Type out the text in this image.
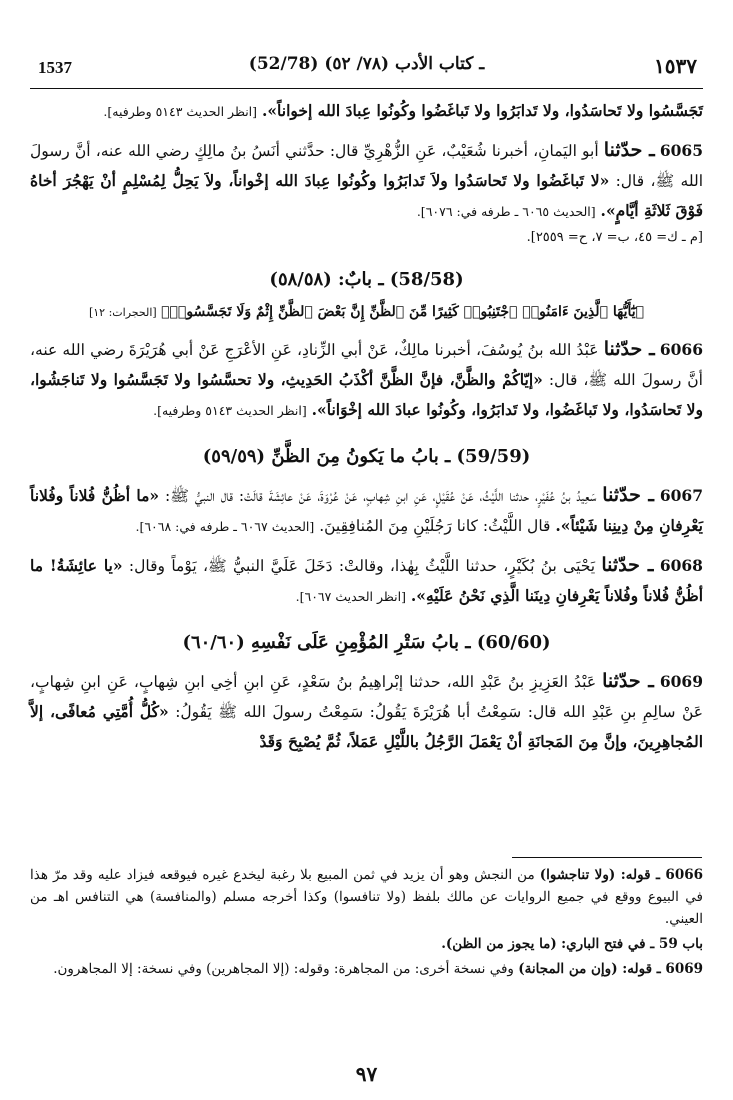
1537	(52/78) ـ كتاب الأدب (٧٨/ ٥٢)	١٥٣٧

تَجَسَّسُوا ولا تَحاسَدُوا، ولا تَدابَرُوا ولا تَباغَضُوا وكُونُوا عِبادَ الله إخواناً». [انظر الحديث ٥١٤٣ وطرفيه].

6065 ـ حدّثنا أبو اليَمانِ، أخبرنا شُعَيْبٌ، عَنِ الزُّهْرِيِّ قال: حدَّثني أنَسُ بنُ مالِكٍ رضي الله عنه، أنَّ رسولَ الله ﷺ، قال: «لا تَباغَضُوا ولا تَحاسَدُوا ولاَ تَدابَرُوا وكُونُوا عِبادَ الله إخْواناً، ولاَ يَحِلُّ لِمُسْلِمٍ أنْ يَهْجُرَ أخاهُ فَوْقَ ثَلاثَةِ أيَّامٍ». [الحديث ٦٠٦٥ ـ طرفه في: ٦٠٧٦].

[م ـ ك= ٤٥، ب= ٧، ح= ٢٥٥٩].

(58/58) ـ بابٌ: (٥٨/٥٨)
﴿يَٰٓأَيُّهَا ٱلَّذِينَ ءَامَنُوا۟ ٱجْتَنِبُوا۟ كَثِيرًا مِّنَ ٱلظَّنِّ إِنَّ بَعْضَ ٱلظَّنِّ إِثْمٌ وَلَا تَجَسَّسُوا۟﴾ [الحجرات: ١٢]

6066 ـ حدّثنا عَبْدُ الله بنُ يُوسُفَ، أخبرنا مالِكٌ، عَنْ أبي الزِّنادِ، عَنِ الأعْرَجِ عَنْ أبي هُرَيْرَةَ رضي الله عنه، أنَّ رسولَ الله ﷺ، قال: «إيّاكُمْ والظَّنَّ، فإنَّ الظَّنَّ أكْذَبُ الحَدِيثِ، ولا تحسَّسُوا ولا تَجَسَّسُوا ولا تَناجَشُوا، ولا تَحاسَدُوا، ولا تَباغَضُوا، ولا تَدابَرُوا، وكُونُوا عبادَ الله إخْوَاناً». [انظر الحديث ٥١٤٣ وطرفيه].

(59/59) ـ بابُ ما يَكونُ مِنَ الظَّنِّ (٥٩/٥٩)

6067 ـ حدّثنا سَعِيدُ بنُ عُفَيْرٍ، حدثنا اللَّيْثُ، عَنْ عُقَيْلٍ، عَنِ ابنِ شِهابٍ، عَنْ عُرْوَةَ، عَنْ عائِشَةَ قالَتْ: قال النبيُّ ﷺ: «ما أظُنُّ فُلاناً وفُلاناً يَعْرِفانِ مِنْ دِينِنا شَيْئاً». قال اللَّيْثُ: كانا رَجُلَيْنِ مِنَ المُنافِقِينَ. [الحديث ٦٠٦٧ ـ طرفه في: ٦٠٦٨].

6068 ـ حدّثنا يَحْيَى بنُ بُكَيْرٍ، حدثنا اللَّيْثُ بِهٰذا، وقالتْ: دَخَلَ عَلَيَّ النبيُّ ﷺ، يَوْماً وقال: «يا عائِشَةُ! ما أظُنُّ فُلاناً وفُلاناً يَعْرِفانِ دِينَنا الَّذِي نَحْنُ عَلَيْهِ». [انظر الحديث ٦٠٦٧].

(60/60) ـ بابُ سَتْرِ المُؤْمِنِ عَلَى نَفْسِهِ (٦٠/٦٠)

6069 ـ حدّثنا عَبْدُ العَزِيزِ بنُ عَبْدِ الله، حدثنا إبْراهِيمُ بنُ سَعْدٍ، عَنِ ابنِ أخِي ابنِ شِهابٍ، عَنِ ابنِ شِهابٍ، عَنْ سالِمِ بنِ عَبْدِ الله قال: سَمِعْتُ أبا هُرَيْرَةَ يَقُولُ: سَمِعْتُ رسولَ الله ﷺ يَقُولُ: «كُلُّ أُمَّتِي مُعافًى، إلاَّ المُجاهِرِينَ، وإنَّ مِنَ المَجانَةِ أنْ يَعْمَلَ الرَّجُلُ باللَّيْلِ عَمَلاً، ثُمَّ يُصْبِحَ وَقَدْ

6066 ـ قوله: (ولا تناجشوا) من النجش وهو أن يزيد في ثمن المبيع بلا رغبة ليخدع غيره فيوقعه فيزاد عليه وقد مرّ هذا في البيوع ووقع في جميع الروايات عن مالك بلفظ (ولا تنافسوا) وكذا أخرجه مسلم (والمنافسة) هي التنافس اهـ من العيني.

باب 59 ـ في فتح الباري: (ما يجوز من الظن).

6069 ـ قوله: (وإن من المجانة) وفي نسخة أخرى: من المجاهرة: وقوله: (إلا المجاهرين) وفي نسخة: إلا المجاهرون.

٩٧
